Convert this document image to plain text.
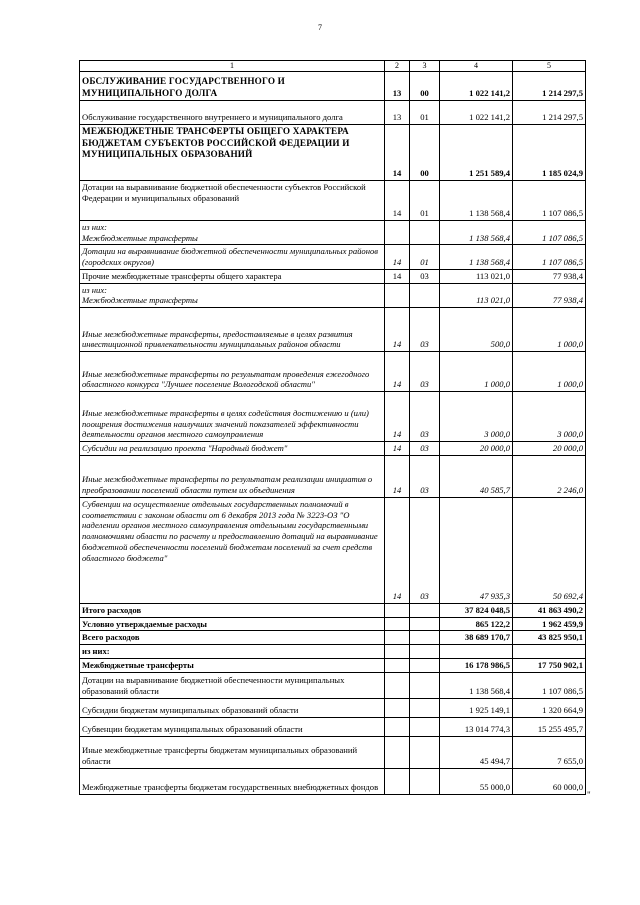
7
1	2	3	4	5
ОБСЛУЖИВАНИЕ ГОСУДАРСТВЕННОГО И МУНИЦИПАЛЬНОГО ДОЛГА	13	00	1 022 141,2	1 214 297,5
Обслуживание государственного внутреннего и муниципального долга	13	01	1 022 141,2	1 214 297,5
МЕЖБЮДЖЕТНЫЕ ТРАНСФЕРТЫ ОБЩЕГО ХАРАКТЕРА БЮДЖЕТАМ СУБЪЕКТОВ РОССИЙСКОЙ ФЕДЕРАЦИИ И МУНИЦИПАЛЬНЫХ ОБРАЗОВАНИЙ	14	00	1 251 589,4	1 185 024,9
Дотации на выравнивание бюджетной обеспеченности субъектов Российской Федерации и муниципальных образований	14	01	1 138 568,4	1 107 086,5
из них:
Межбюджетные трансферты			1 138 568,4	1 107 086,5
Дотации на выравнивание бюджетной обеспеченности муниципальных районов (городских округов)	14	01	1 138 568,4	1 107 086,5
Прочие межбюджетные трансферты общего характера	14	03	113 021,0	77 938,4
из них:
Межбюджетные трансферты			113 021,0	77 938,4
Иные межбюджетные трансферты, предоставляемые в целях развития инвестиционной привлекательности муниципальных районов области	14	03	500,0	1 000,0
Иные межбюджетные трансферты по результатам проведения ежегодного областного конкурса "Лучшее поселение Вологодской области"	14	03	1 000,0	1 000,0
Иные межбюджетные трансферты в целях содействия достижению и (или) поощрения достижения наилучших значений показателей эффективности деятельности органов местного самоуправления	14	03	3 000,0	3 000,0
Субсидии на реализацию проекта "Народный бюджет"	14	03	20 000,0	20 000,0
Иные межбюджетные трансферты по результатам реализации инициатив о преобразовании поселений области путем их объединения	14	03	40 585,7	2 246,0
Субвенции на осуществление отдельных государственных полномочий в соответствии с законом области от 6 декабря 2013 года № 3223-ОЗ "О наделении органов местного самоуправления отдельными государственными полномочиями области по расчету и предоставлению дотаций на выравнивание бюджетной обеспеченности поселений бюджетам поселений за счет средств областного бюджета"	14	03	47 935,3	50 692,4
Итого расходов			37 824 048,5	41 863 490,2
Условно утверждаемые расходы			865 122,2	1 962 459,9
Всего расходов			38 689 170,7	43 825 950,1
из них:				
Межбюджетные трансферты			16 178 986,5	17 750 902,1
Дотации на выравнивание бюджетной обеспеченности муниципальных образований области			1 138 568,4	1 107 086,5
Субсидии бюджетам муниципальных образований области			1 925 149,1	1 320 664,9
Субвенции бюджетам муниципальных образований области			13 014 774,3	15 255 495,7
Иные межбюджетные трансферты бюджетам муниципальных образований области			45 494,7	7 655,0
Межбюджетные трансферты бюджетам государственных внебюджетных фондов			55 000,0	60 000,0
"
